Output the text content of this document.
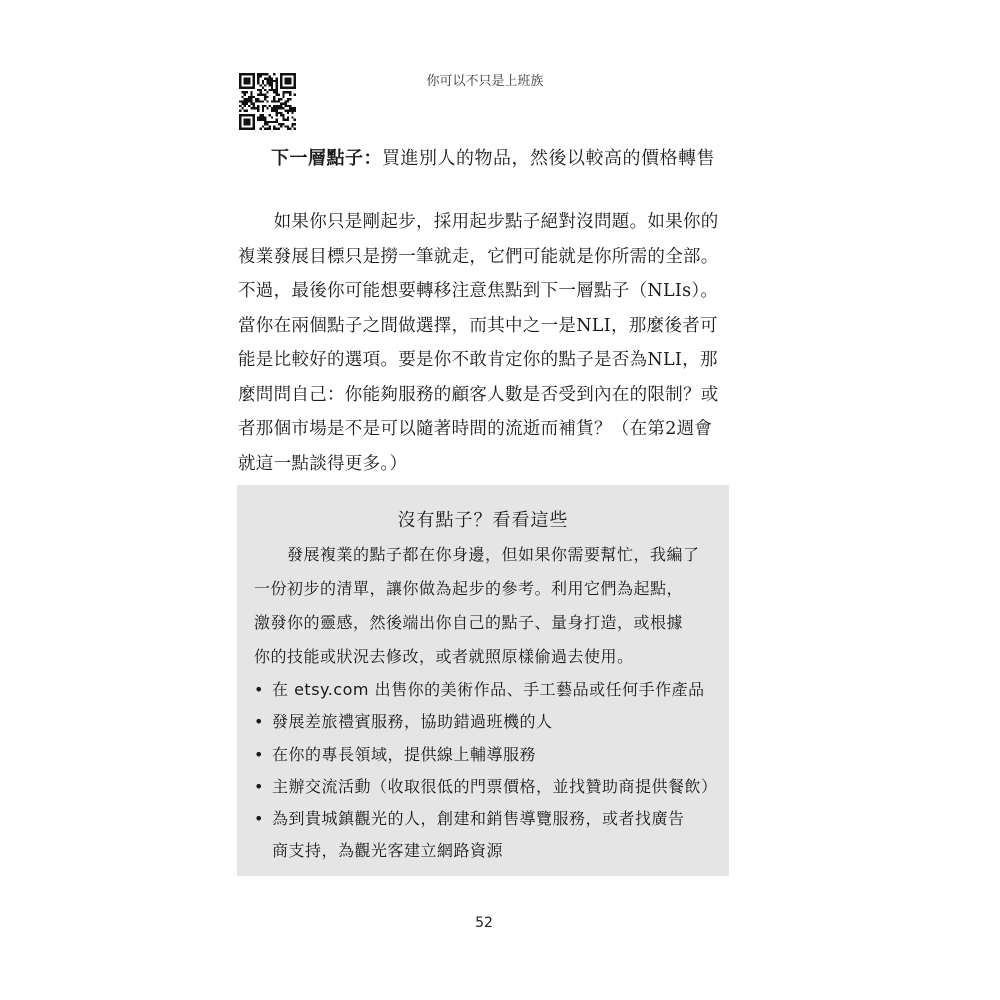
你可以不只是上班族
下一層點子：買進別人的物品，然後以較高的價格轉售
　　如果你只是剛起步，採用起步點子絕對沒問題。如果你的
複業發展目標只是撈一筆就走，它們可能就是你所需的全部。
不過，最後你可能想要轉移注意焦點到下一層點子（NLIs）。
當你在兩個點子之間做選擇，而其中之一是NLI，那麼後者可
能是比較好的選項。要是你不敢肯定你的點子是否為NLI，那
麼問問自己：你能夠服務的顧客人數是否受到內在的限制？或
者那個市場是不是可以隨著時間的流逝而補貨？（在第2週會
就這一點談得更多。）
沒有點子？看看這些
　　發展複業的點子都在你身邊，但如果你需要幫忙，我編了
一份初步的清單，讓你做為起步的參考。利用它們為起點，
激發你的靈感，然後端出你自己的點子、量身打造，或根據
你的技能或狀況去修改，或者就照原樣偷過去使用。
• 在 etsy.com 出售你的美術作品、手工藝品或任何手作產品
• 發展差旅禮賓服務，協助錯過班機的人
• 在你的專長領域，提供線上輔導服務
• 主辦交流活動（收取很低的門票價格，並找贊助商提供餐飲）
• 為到貴城鎮觀光的人，創建和銷售導覽服務，或者找廣告
商支持，為觀光客建立網路資源
52
